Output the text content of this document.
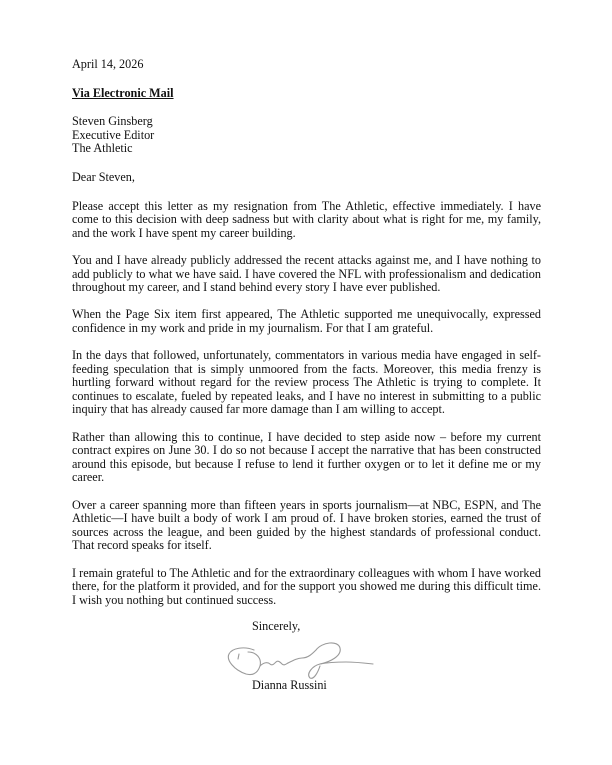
April 14, 2026
Via Electronic Mail
Steven Ginsberg
Executive Editor
The Athletic
Dear Steven,

Please accept this letter as my resignation from The Athletic, effective immediately. I have come to this decision with deep sadness but with clarity about what is right for me, my family, and the work I have spent my career building.

You and I have already publicly addressed the recent attacks against me, and I have nothing to add publicly to what we have said. I have covered the NFL with professionalism and dedication throughout my career, and I stand behind every story I have ever published.

When the Page Six item first appeared, The Athletic supported me unequivocally, expressed confidence in my work and pride in my journalism. For that I am grateful.

In the days that followed, unfortunately, commentators in various media have engaged in self-feeding speculation that is simply unmoored from the facts. Moreover, this media frenzy is hurtling forward without regard for the review process The Athletic is trying to complete. It continues to escalate, fueled by repeated leaks, and I have no interest in submitting to a public inquiry that has already caused far more damage than I am willing to accept.

Rather than allowing this to continue, I have decided to step aside now – before my current contract expires on June 30. I do so not because I accept the narrative that has been constructed around this episode, but because I refuse to lend it further oxygen or to let it define me or my career.

Over a career spanning more than fifteen years in sports journalism—at NBC, ESPN, and The Athletic—I have built a body of work I am proud of. I have broken stories, earned the trust of sources across the league, and been guided by the highest standards of professional conduct. That record speaks for itself.

I remain grateful to The Athletic and for the extraordinary colleagues with whom I have worked there, for the platform it provided, and for the support you showed me during this difficult time. I wish you nothing but continued success.

Sincerely,
Dianna Russini
